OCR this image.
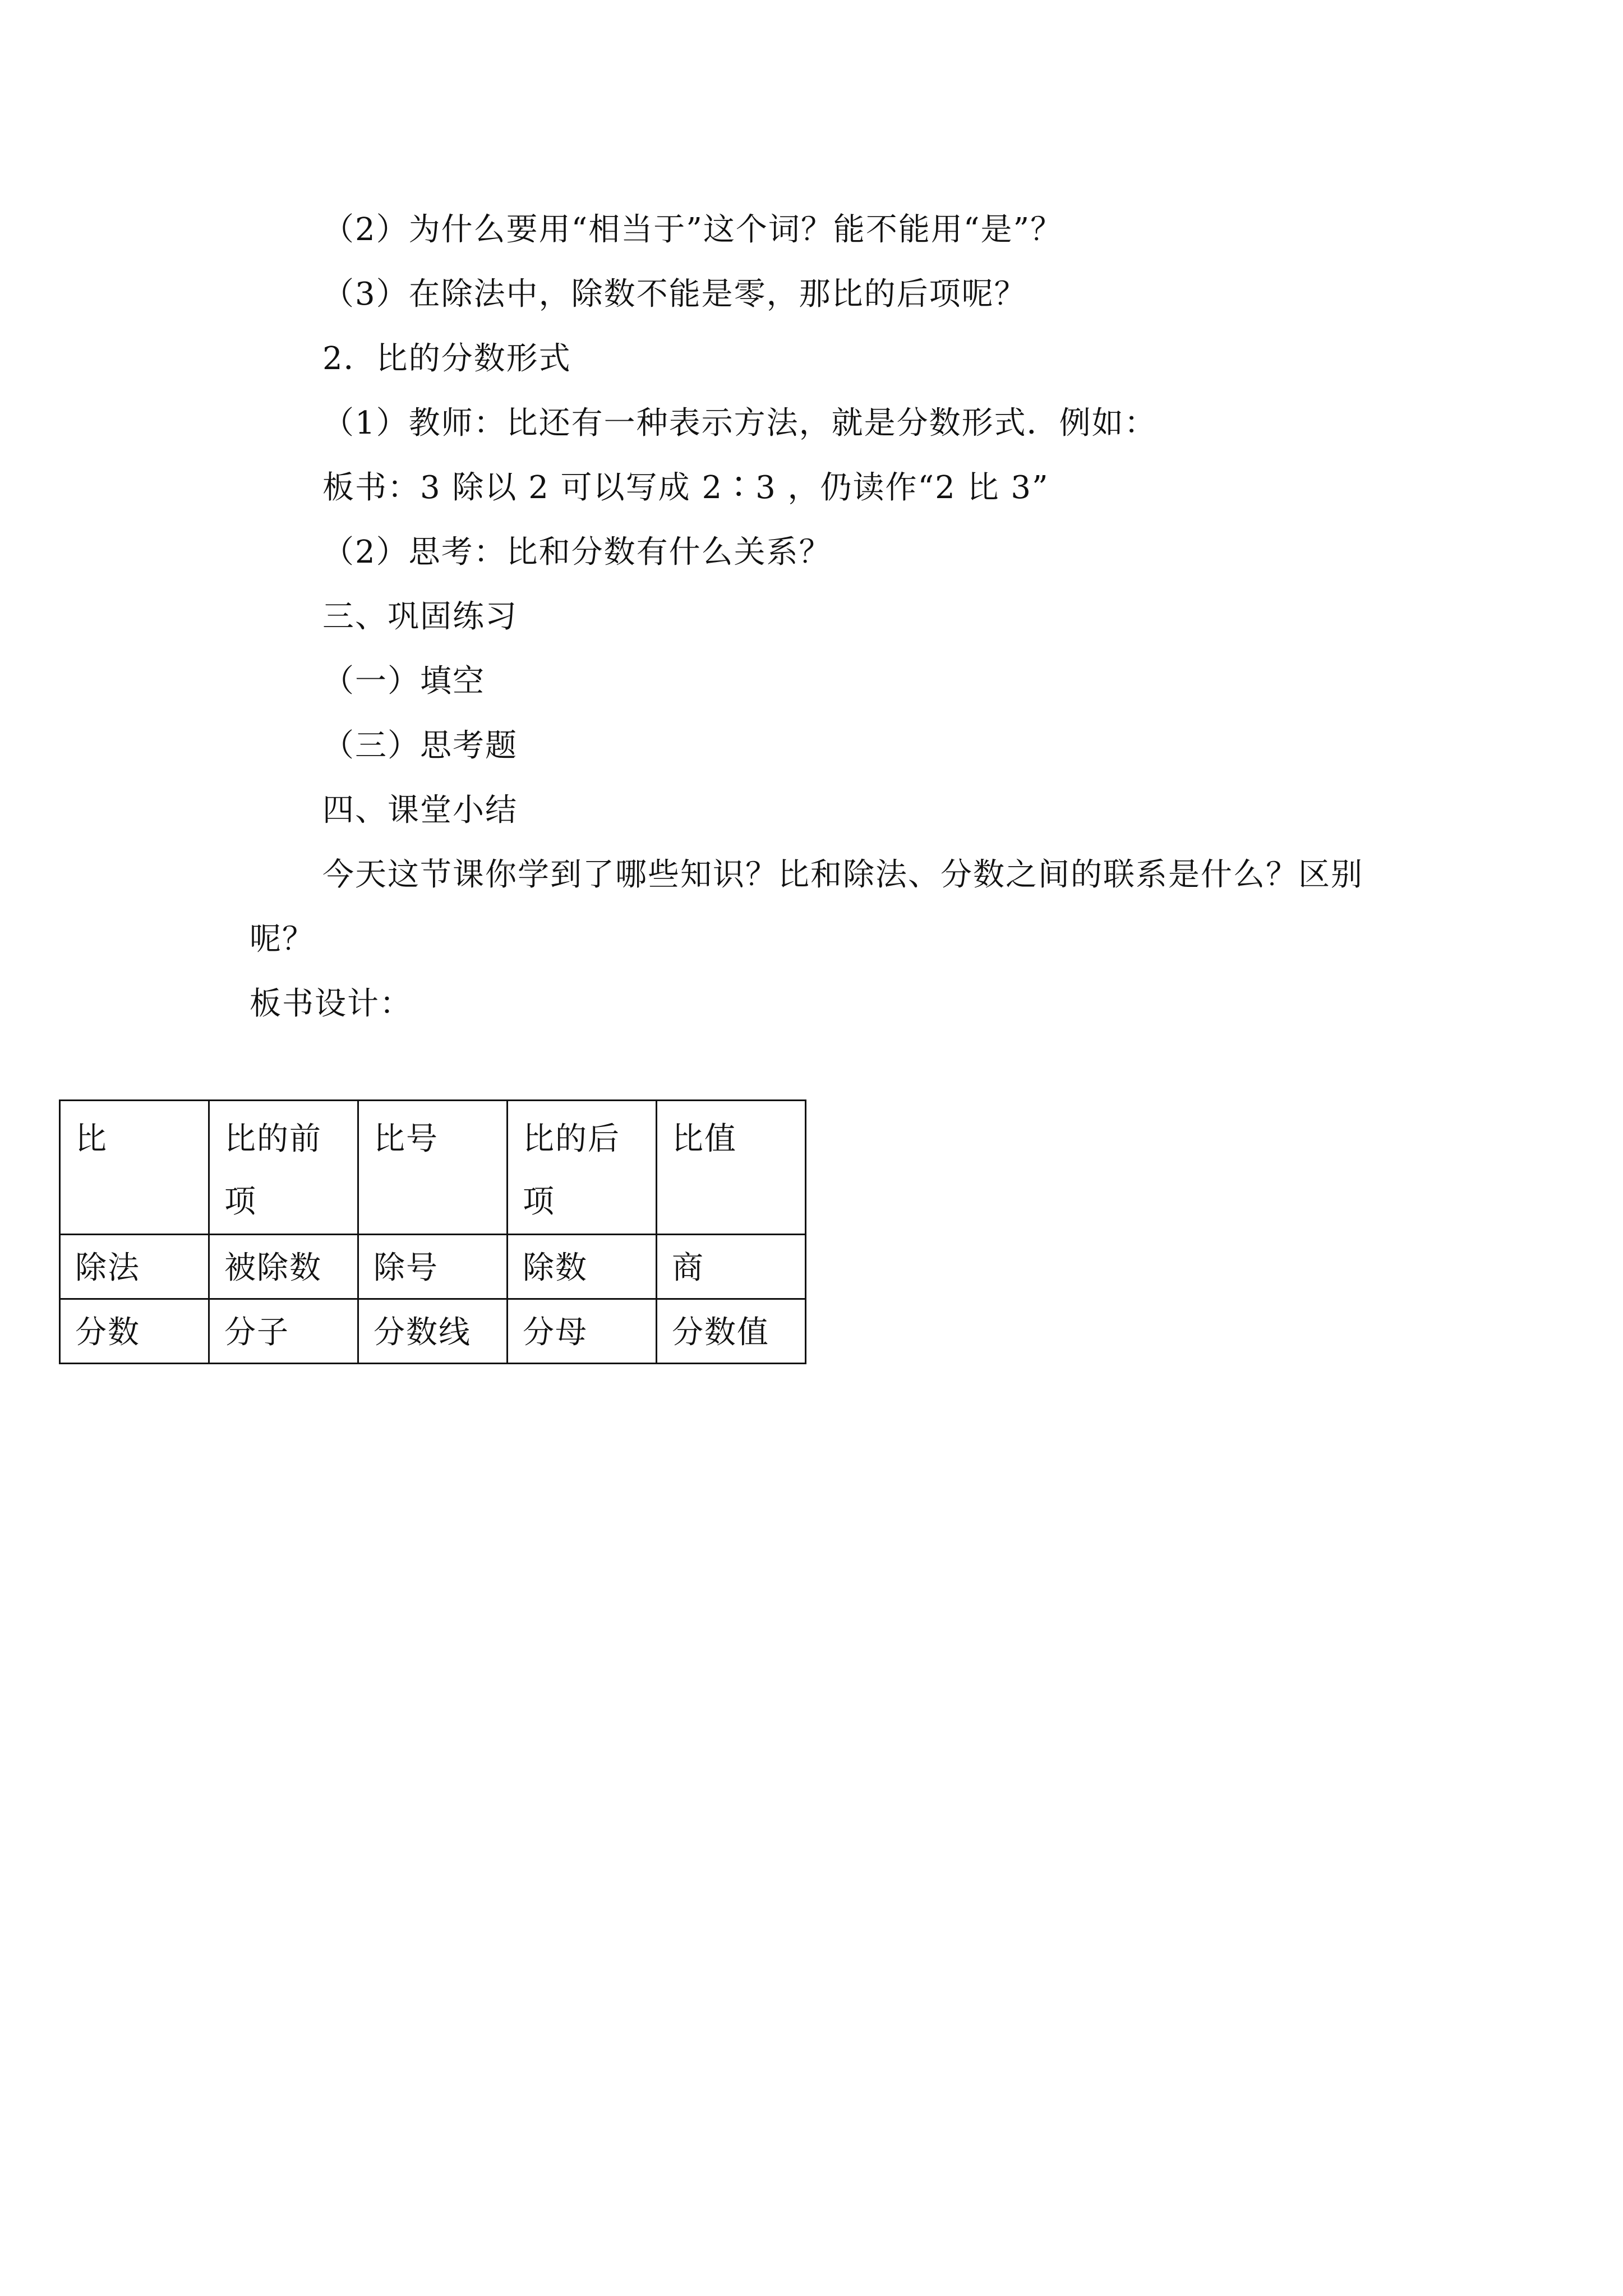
（2）为什么要用“相当于”这个词？能不能用“是”？
（3）在除法中，除数不能是零，那比的后项呢？
2．比的分数形式
（1）教师：比还有一种表示方法，就是分数形式．例如：
板书：3 除以 2 可以写成 2∶3 ，仍读作“2 比 3”
（2）思考：比和分数有什么关系？
三、巩固练习
（一）填空
（三）思考题
四、课堂小结
今天这节课你学到了哪些知识？比和除法、分数之间的联系是什么？区别
呢？
板书设计：
比	比的前项	比号	比的后项	比值
除法	被除数	除号	除数	商
分数	分子	分数线	分母	分数值
